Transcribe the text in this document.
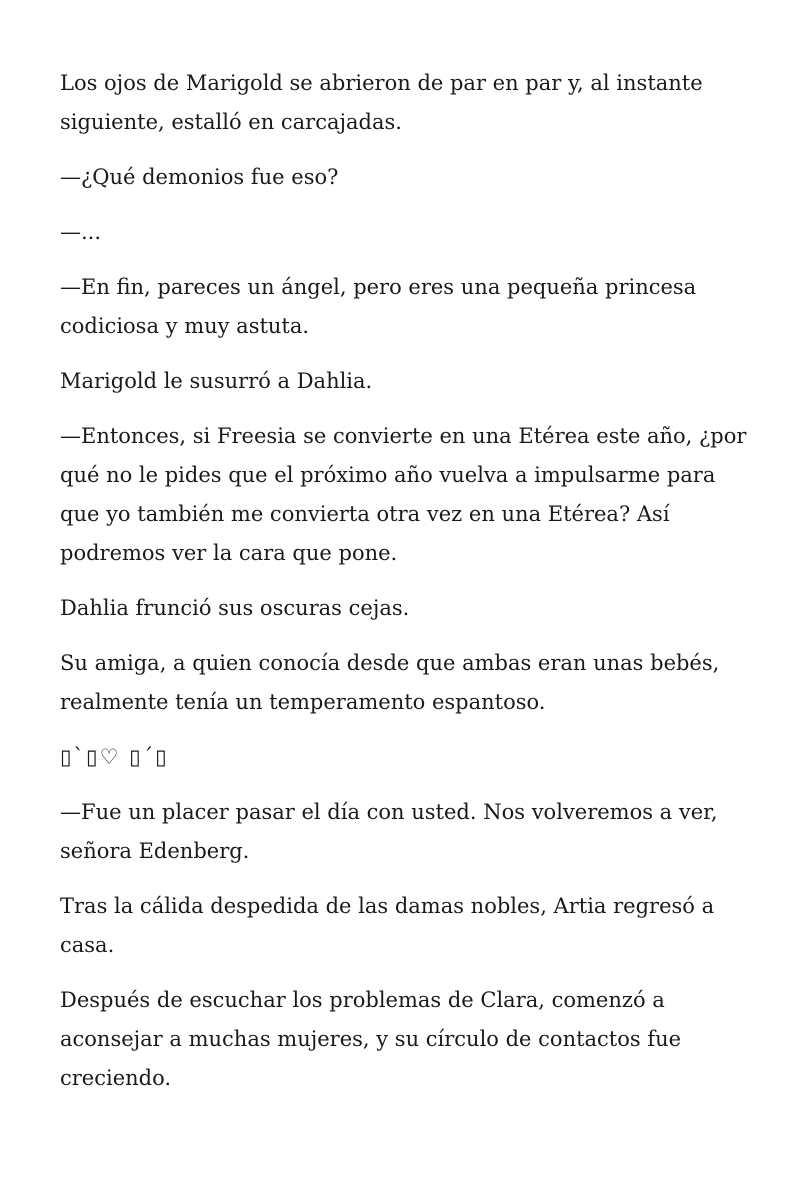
Los ojos de Marigold se abrieron de par en par y, al instante siguiente, estalló en carcajadas.

—¿Qué demonios fue eso?

—...

—En fin, pareces un ángel, pero eres una pequeña princesa codiciosa y muy astuta.

Marigold le susurró a Dahlia.

—Entonces, si Freesia se convierte en una Etérea este año, ¿por qué no le pides que el próximo año vuelva a impulsarme para que yo también me convierta otra vez en una Etérea? Así podremos ver la cara que pone.

Dahlia frunció sus oscuras cejas.

Su amiga, a quien conocía desde que ambas eran unas bebés, realmente tenía un temperamento espantoso.

▯`▯♡ ▯´▯

—Fue un placer pasar el día con usted. Nos volveremos a ver, señora Edenberg.

Tras la cálida despedida de las damas nobles, Artia regresó a casa.

Después de escuchar los problemas de Clara, comenzó a aconsejar a muchas mujeres, y su círculo de contactos fue creciendo.
